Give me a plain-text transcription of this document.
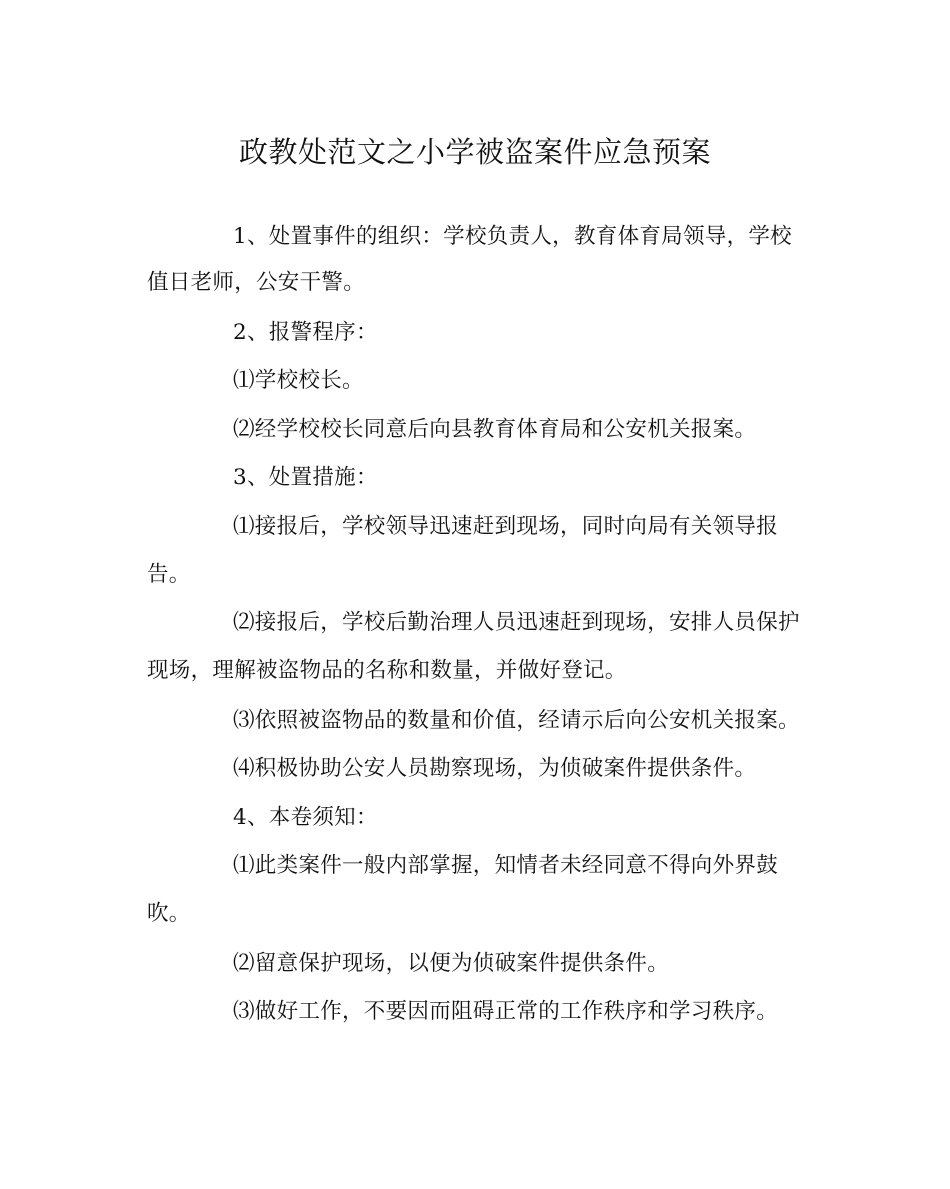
政教处范文之小学被盗案件应急预案
1、处置事件的组织：学校负责人，教育体育局领导，学校
值日老师，公安干警。
2、报警程序：
⑴学校校长。
⑵经学校校长同意后向县教育体育局和公安机关报案。
3、处置措施：
⑴接报后，学校领导迅速赶到现场，同时向局有关领导报
告。
⑵接报后，学校后勤治理人员迅速赶到现场，安排人员保护
现场，理解被盗物品的名称和数量，并做好登记。
⑶依照被盗物品的数量和价值，经请示后向公安机关报案。
⑷积极协助公安人员勘察现场，为侦破案件提供条件。
4、本卷须知：
⑴此类案件一般内部掌握，知情者未经同意不得向外界鼓
吹。
⑵留意保护现场，以便为侦破案件提供条件。
⑶做好工作，不要因而阻碍正常的工作秩序和学习秩序。
